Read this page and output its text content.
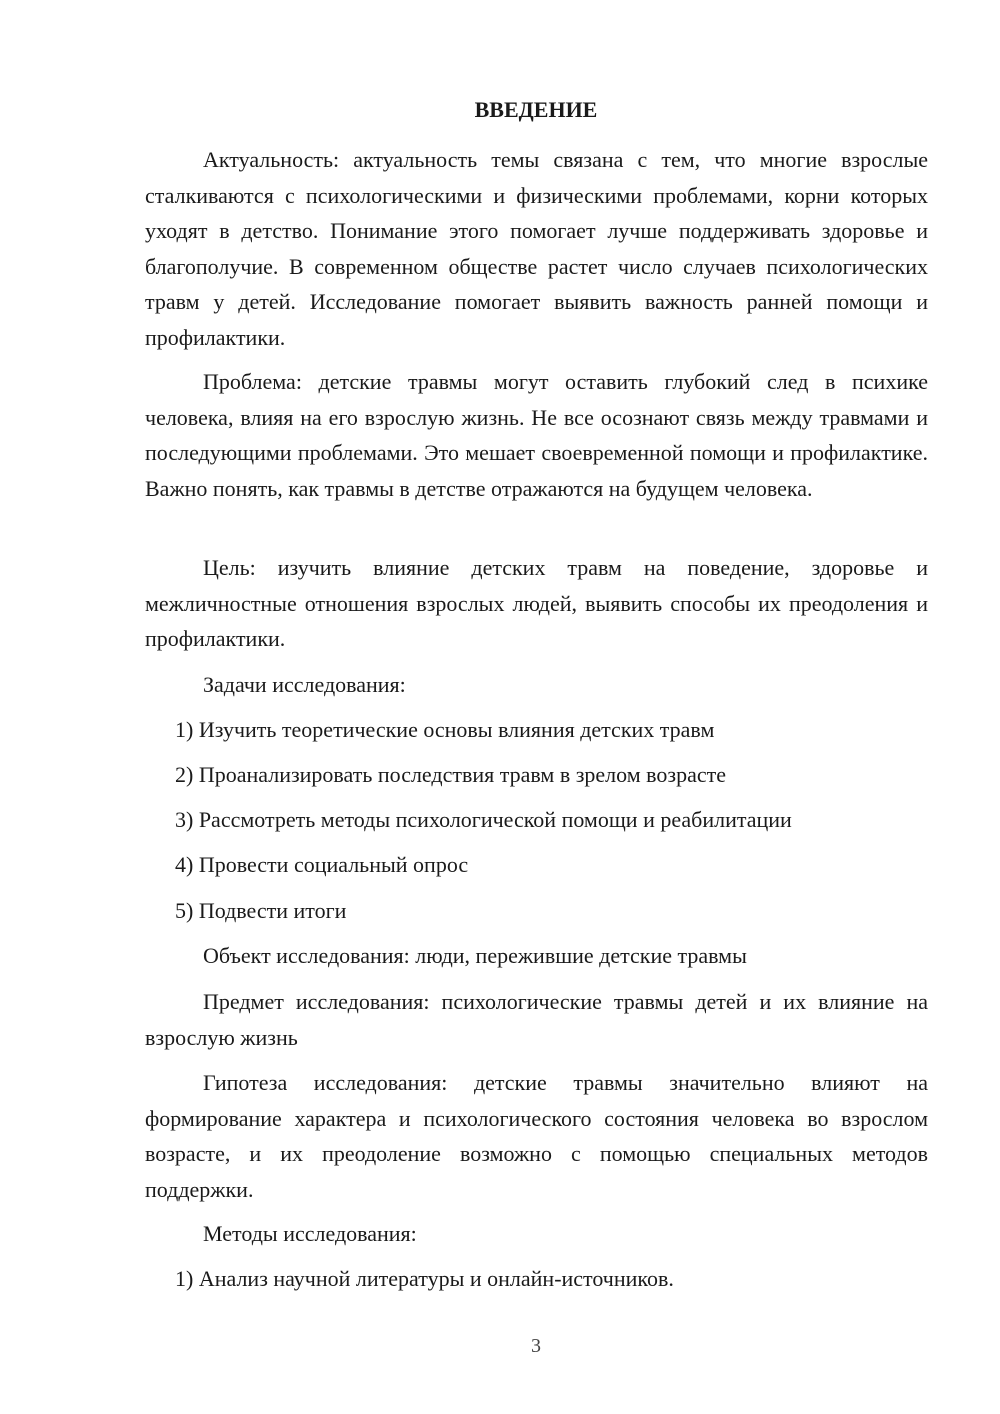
ВВЕДЕНИЕ

Актуальность: актуальность темы связана с тем, что многие взрослые сталкиваются с психологическими и физическими проблемами, корни которых уходят в детство. Понимание этого помогает лучше поддерживать здоровье и благополучие. В современном обществе растет число случаев психологических травм у детей. Исследование помогает выявить важность ранней помощи и профилактики.

Проблема: детские травмы могут оставить глубокий след в психике человека, влияя на его взрослую жизнь. Не все осознают связь между травмами и последующими проблемами. Это мешает своевременной помощи и профилактике. Важно понять, как травмы в детстве отражаются на будущем человека.

Цель: изучить влияние детских травм на поведение, здоровье и межличностные отношения взрослых людей, выявить способы их преодоления и профилактики.

Задачи исследования:

1) Изучить теоретические основы влияния детских травм

2) Проанализировать последствия травм в зрелом возрасте

3) Рассмотреть методы психологической помощи и реабилитации

4) Провести социальный опрос

5) Подвести итоги

Объект исследования: люди, пережившие детские травмы

Предмет исследования: психологические травмы детей и их влияние на взрослую жизнь

Гипотеза исследования: детские травмы значительно влияют на формирование характера и психологического состояния человека во взрослом возрасте, и их преодоление возможно с помощью специальных методов поддержки.

Методы исследования:

1) Анализ научной литературы и онлайн-источников.

3
